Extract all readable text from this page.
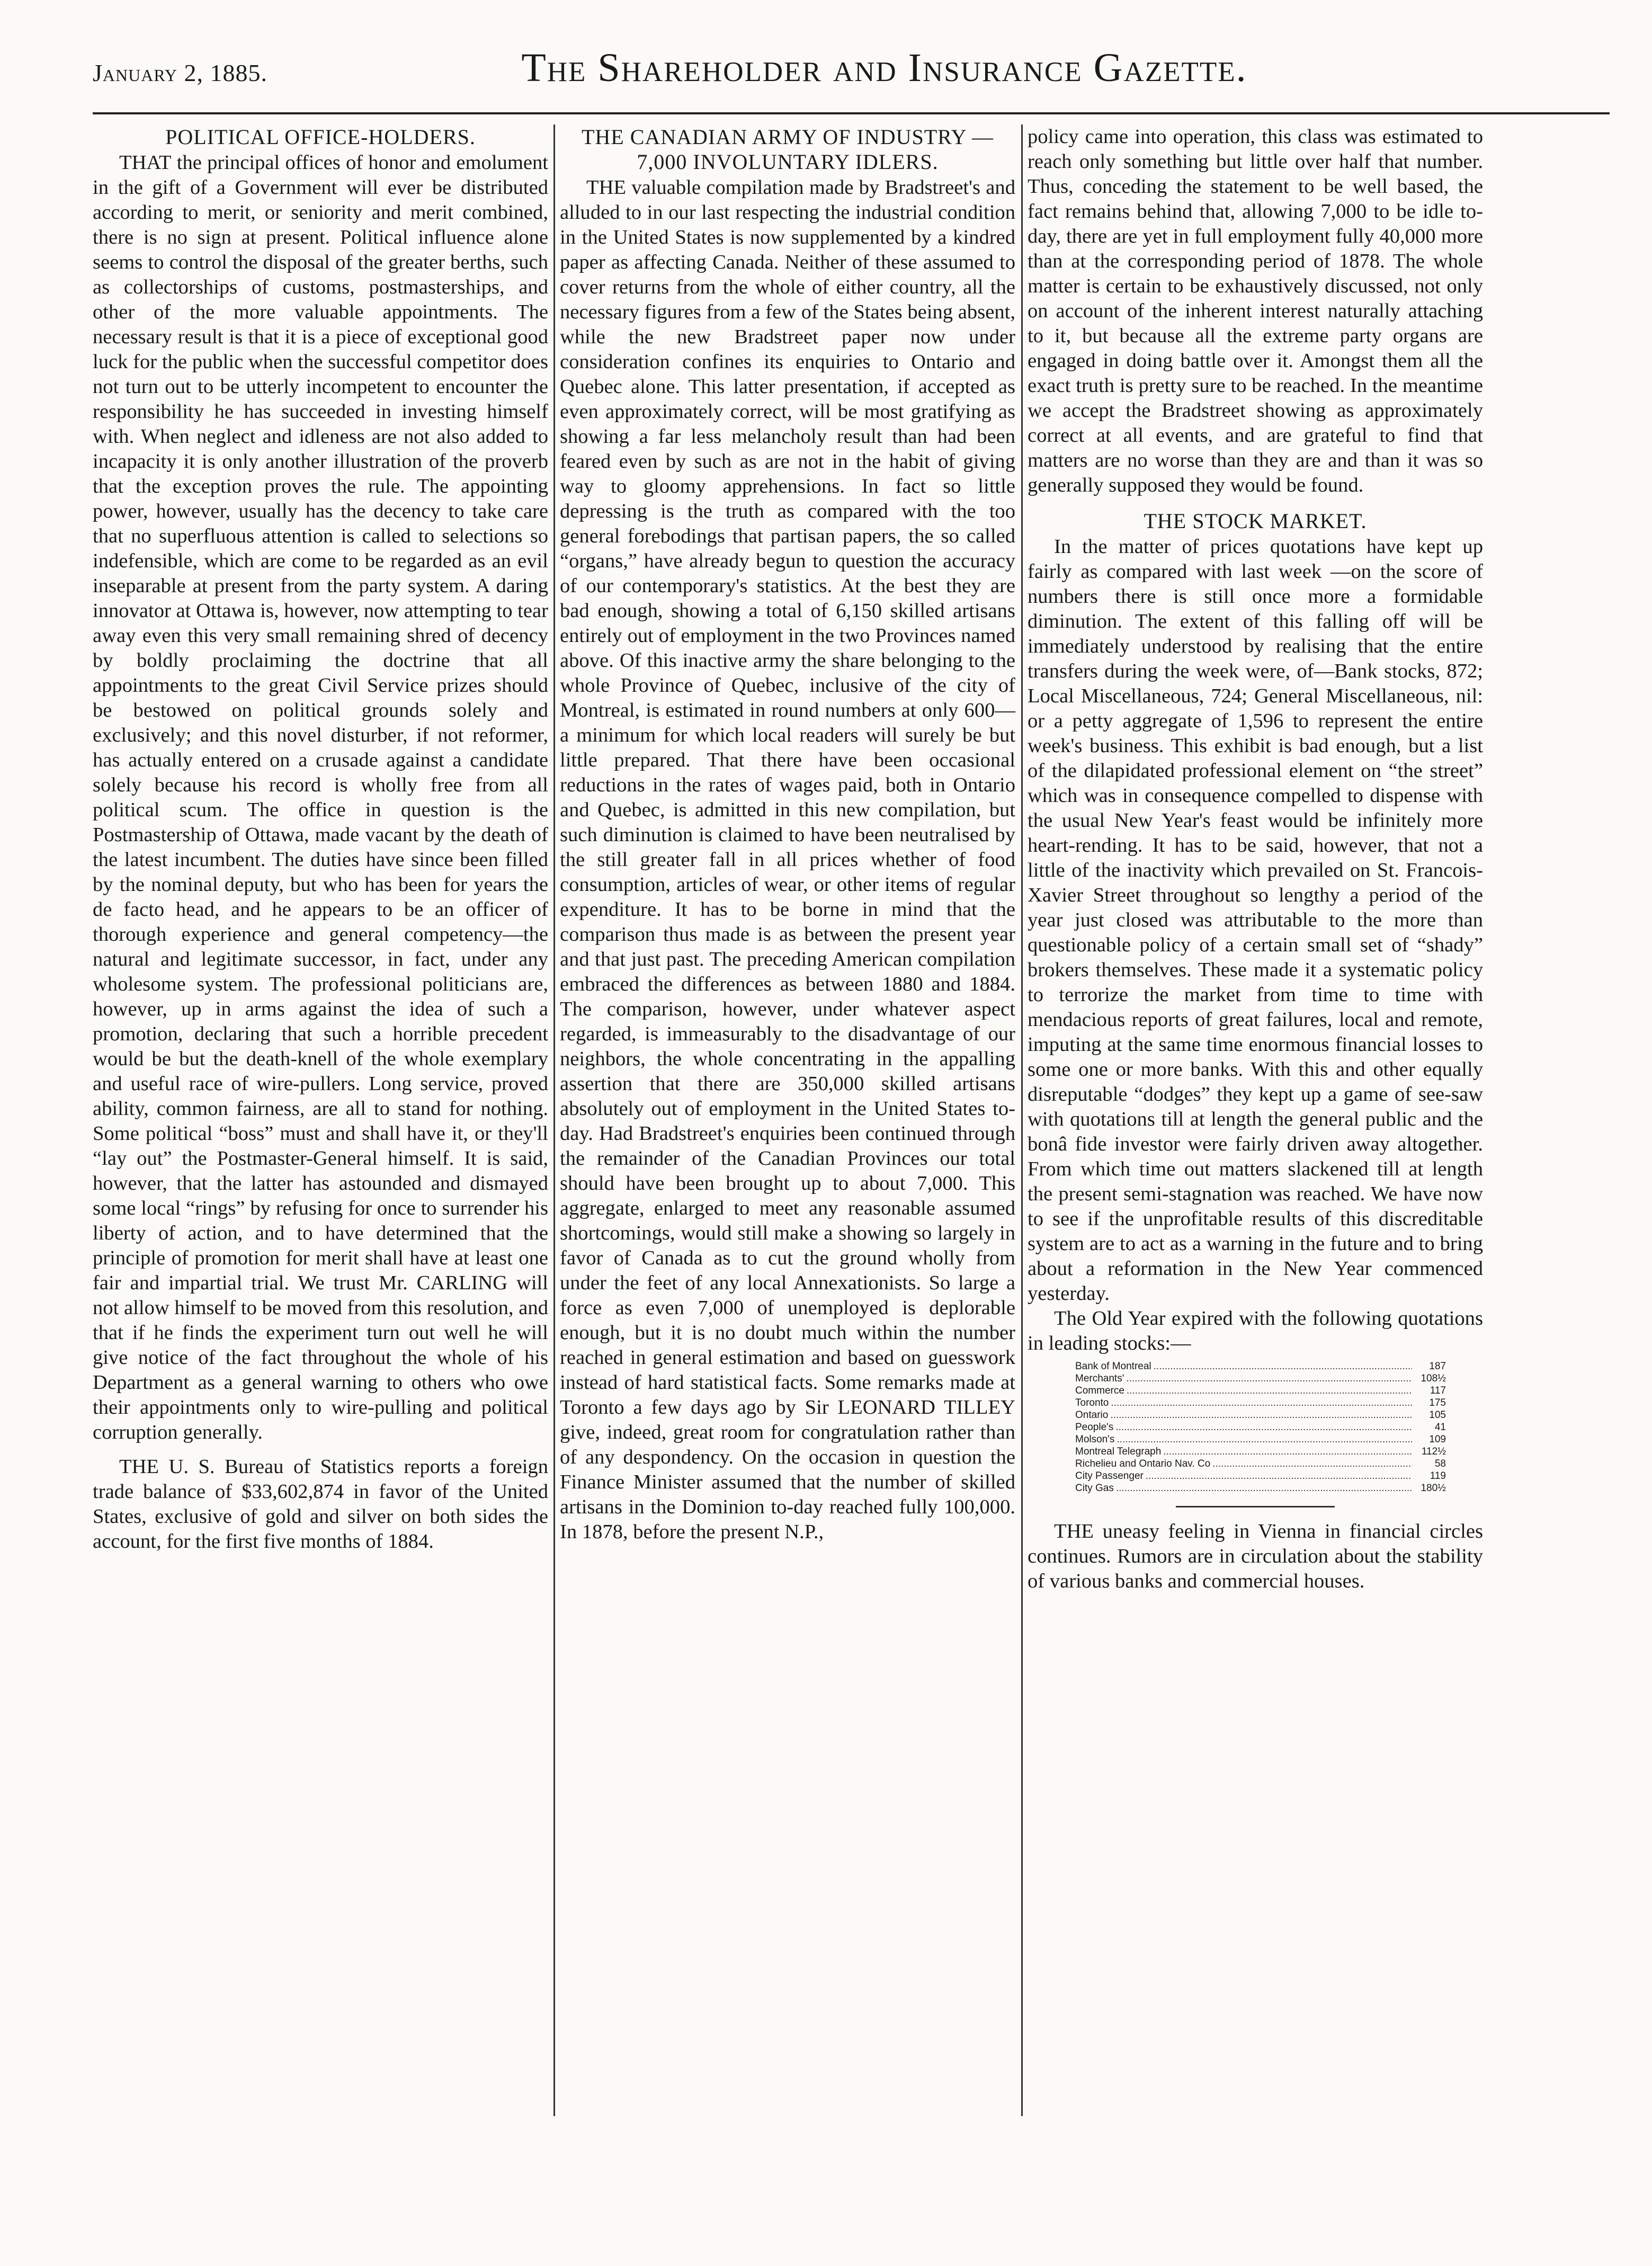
January 2, 1885.	The Shareholder and Insurance Gazette.
POLITICAL OFFICE-HOLDERS.

THAT the principal offices of honor and emolument in the gift of a Government will ever be distributed according to merit, or seniority and merit combined, there is no sign at present. Political influence alone seems to control the disposal of the greater berths, such as collectorships of customs, postmasterships, and other of the more valuable appointments. The necessary result is that it is a piece of exceptional good luck for the public when the successful competitor does not turn out to be utterly incompetent to encounter the responsibility he has succeeded in investing himself with. When neglect and idleness are not also added to incapacity it is only another illustration of the proverb that the exception proves the rule. The appointing power, however, usually has the decency to take care that no superfluous attention is called to selections so indefensible, which are come to be regarded as an evil inseparable at present from the party system. A daring innovator at Ottawa is, however, now attempting to tear away even this very small remaining shred of decency by boldly proclaiming the doctrine that all appointments to the great Civil Service prizes should be bestowed on political grounds solely and exclusively; and this novel disturber, if not reformer, has actually entered on a crusade against a candidate solely because his record is wholly free from all political scum. The office in question is the Postmastership of Ottawa, made vacant by the death of the latest incumbent. The duties have since been filled by the nominal deputy, but who has been for years the de facto head, and he appears to be an officer of thorough experience and general competency—the natural and legitimate successor, in fact, under any wholesome system. The professional politicians are, however, up in arms against the idea of such a promotion, declaring that such a horrible precedent would be but the death-knell of the whole exemplary and useful race of wire-pullers. Long service, proved ability, common fairness, are all to stand for nothing. Some political “boss” must and shall have it, or they'll “lay out” the Postmaster-General himself. It is said, however, that the latter has astounded and dismayed some local “rings” by refusing for once to surrender his liberty of action, and to have determined that the principle of promotion for merit shall have at least one fair and impartial trial. We trust Mr. CARLING will not allow himself to be moved from this resolution, and that if he finds the experiment turn out well he will give notice of the fact throughout the whole of his Department as a general warning to others who owe their appointments only to wire-pulling and political corruption generally.

THE U. S. Bureau of Statistics reports a foreign trade balance of $33,602,874 in favor of the United States, exclusive of gold and silver on both sides the account, for the first five months of 1884.

THE CANADIAN ARMY OF INDUSTRY —7,000 INVOLUNTARY IDLERS.

THE valuable compilation made by Bradstreet's and alluded to in our last respecting the industrial condition in the United States is now supplemented by a kindred paper as affecting Canada. Neither of these assumed to cover returns from the whole of either country, all the necessary figures from a few of the States being absent, while the new Bradstreet paper now under consideration confines its enquiries to Ontario and Quebec alone. This latter presentation, if accepted as even approximately correct, will be most gratifying as showing a far less melancholy result than had been feared even by such as are not in the habit of giving way to gloomy apprehensions. In fact so little depressing is the truth as compared with the too general forebodings that partisan papers, the so called “organs,” have already begun to question the accuracy of our contemporary's statistics. At the best they are bad enough, showing a total of 6,150 skilled artisans entirely out of employment in the two Provinces named above. Of this inactive army the share belonging to the whole Province of Quebec, inclusive of the city of Montreal, is estimated in round numbers at only 600—a minimum for which local readers will surely be but little prepared. That there have been occasional reductions in the rates of wages paid, both in Ontario and Quebec, is admitted in this new compilation, but such diminution is claimed to have been neutralised by the still greater fall in all prices whether of food consumption, articles of wear, or other items of regular expenditure. It has to be borne in mind that the comparison thus made is as between the present year and that just past. The preceding American compilation embraced the differences as between 1880 and 1884. The comparison, however, under whatever aspect regarded, is immeasurably to the disadvantage of our neighbors, the whole concentrating in the appalling assertion that there are 350,000 skilled artisans absolutely out of employment in the United States to-day. Had Bradstreet's enquiries been continued through the remainder of the Canadian Provinces our total should have been brought up to about 7,000. This aggregate, enlarged to meet any reasonable assumed shortcomings, would still make a showing so largely in favor of Canada as to cut the ground wholly from under the feet of any local Annexationists. So large a force as even 7,000 of unemployed is deplorable enough, but it is no doubt much within the number reached in general estimation and based on guesswork instead of hard statistical facts. Some remarks made at Toronto a few days ago by Sir LEONARD TILLEY give, indeed, great room for congratulation rather than of any despondency. On the occasion in question the Finance Minister assumed that the number of skilled artisans in the Dominion to-day reached fully 100,000. In 1878, before the present N.P.,

policy came into operation, this class was estimated to reach only something but little over half that number. Thus, conceding the statement to be well based, the fact remains behind that, allowing 7,000 to be idle to-day, there are yet in full employment fully 40,000 more than at the corresponding period of 1878. The whole matter is certain to be exhaustively discussed, not only on account of the inherent interest naturally attaching to it, but because all the extreme party organs are engaged in doing battle over it. Amongst them all the exact truth is pretty sure to be reached. In the meantime we accept the Bradstreet showing as approximately correct at all events, and are grateful to find that matters are no worse than they are and than it was so generally supposed they would be found.

THE STOCK MARKET.

In the matter of prices quotations have kept up fairly as compared with last week —on the score of numbers there is still once more a formidable diminution. The extent of this falling off will be immediately understood by realising that the entire transfers during the week were, of—Bank stocks, 872; Local Miscellaneous, 724; General Miscellaneous, nil: or a petty aggregate of 1,596 to represent the entire week's business. This exhibit is bad enough, but a list of the dilapidated professional element on “the street” which was in consequence compelled to dispense with the usual New Year's feast would be infinitely more heart-rending. It has to be said, however, that not a little of the inactivity which prevailed on St. Francois-Xavier Street throughout so lengthy a period of the year just closed was attributable to the more than questionable policy of a certain small set of “shady” brokers themselves. These made it a systematic policy to terrorize the market from time to time with mendacious reports of great failures, local and remote, imputing at the same time enormous financial losses to some one or more banks. With this and other equally disreputable “dodges” they kept up a game of see-saw with quotations till at length the general public and the bonâ fide investor were fairly driven away altogether. From which time out matters slackened till at length the present semi-stagnation was reached. We have now to see if the unprofitable results of this discreditable system are to act as a warning in the future and to bring about a reformation in the New Year commenced yesterday.

The Old Year expired with the following quotations in leading stocks:—

Bank of Montreal .....	187
Merchants' .....	108½
Commerce .....	117
Toronto .....	175
Ontario .....	105
People's .....	41
Molson's .....	109
Montreal Telegraph .....	112½
Richelieu and Ontario Nav. Co .....	58
City Passenger .....	119
City Gas .....	180½

THE uneasy feeling in Vienna in financial circles continues. Rumors are in circulation about the stability of various banks and commercial houses.
